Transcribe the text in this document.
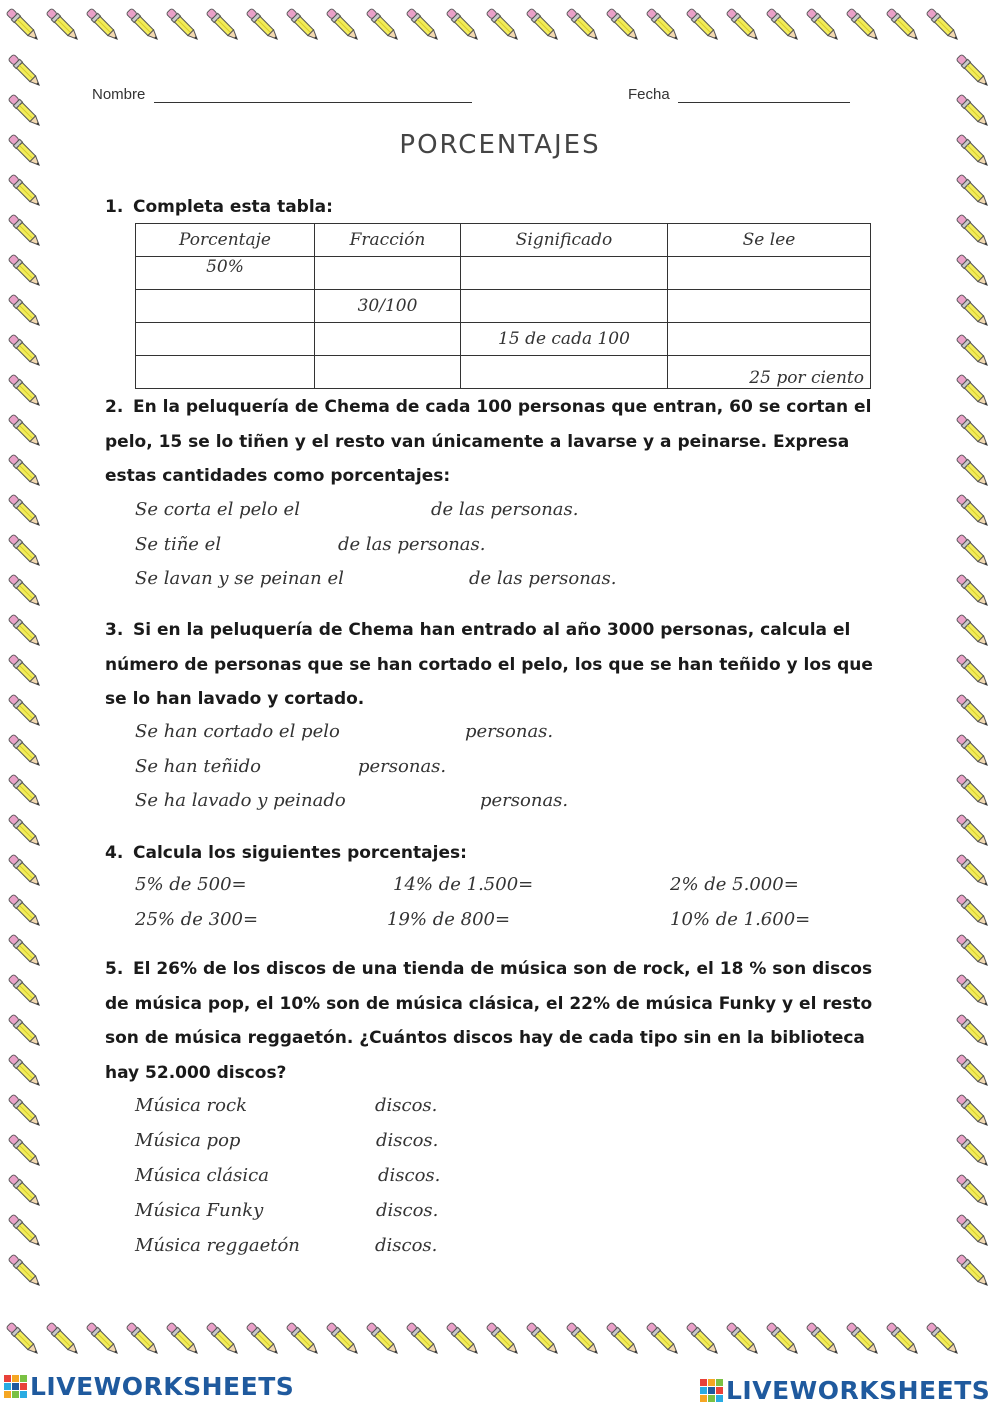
Nombre	Fecha
PORCENTAJES
1. Completa esta tabla:
Porcentaje	Fracción	Significado	Se lee
50%			
	30/100		
		15 de cada 100	
			25 por ciento
2. En la peluquería de Chema de cada 100 personas que entran, 60 se cortan el pelo, 15 se lo tiñen y el resto van únicamente a lavarse y a peinarse. Expresa estas cantidades como porcentajes:
Se corta el pelo el	de las personas.
Se tiñe el	de las personas.
Se lavan y se peinan el	de las personas.
3. Si en la peluquería de Chema han entrado al año 3000 personas, calcula el número de personas que se han cortado el pelo, los que se han teñido y los que se lo han lavado y cortado.
Se han cortado el pelo	personas.
Se han teñido	personas.
Se ha lavado y peinado	personas.
4. Calcula los siguientes porcentajes:
5% de 500=	14% de 1.500=	2% de 5.000=
25% de 300=	19% de 800=	10% de 1.600=
5. El 26% de los discos de una tienda de música son de rock, el 18 % son discos de música pop, el 10% son de música clásica, el 22% de música Funky y el resto son de música reggaetón. ¿Cuántos discos hay de cada tipo sin en la biblioteca hay 52.000 discos?
Música rock	discos.
Música pop	discos.
Música clásica	discos.
Música Funky	discos.
Música reggaetón	discos.
LIVEWORKSHEETS	LIVEWORKSHEETS
